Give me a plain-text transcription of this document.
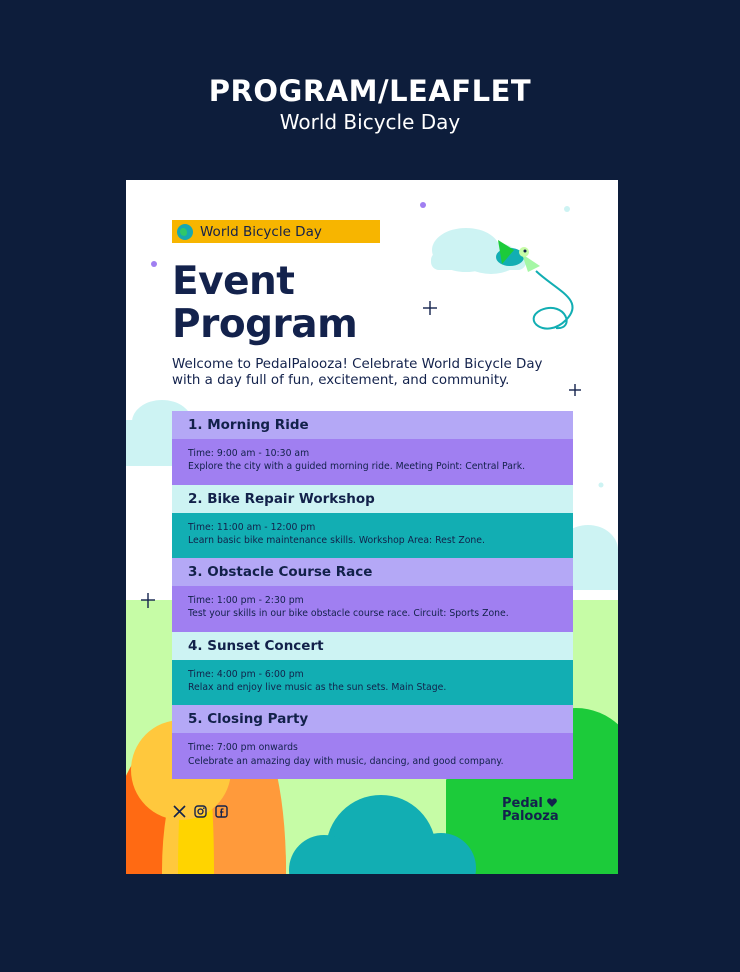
PROGRAM/LEAFLET
World Bicycle Day
World Bicycle Day
Event
Program
Welcome to PedalPalooza! Celebrate World Bicycle Day with a day full of fun, excitement, and community.
1. Morning Ride
Time: 9:00 am - 10:30 am
Explore the city with a guided morning ride. Meeting Point: Central Park.
2. Bike Repair Workshop
Time: 11:00 am - 12:00 pm
Learn basic bike maintenance skills. Workshop Area: Rest Zone.
3. Obstacle Course Race
Time: 1:00 pm - 2:30 pm
Test your skills in our bike obstacle course race. Circuit: Sports Zone.
4. Sunset Concert
Time: 4:00 pm - 6:00 pm
Relax and enjoy live music as the sun sets. Main Stage.
5. Closing Party
Time: 7:00 pm onwards
Celebrate an amazing day with music, dancing, and good company.
Pedal
Palooza
